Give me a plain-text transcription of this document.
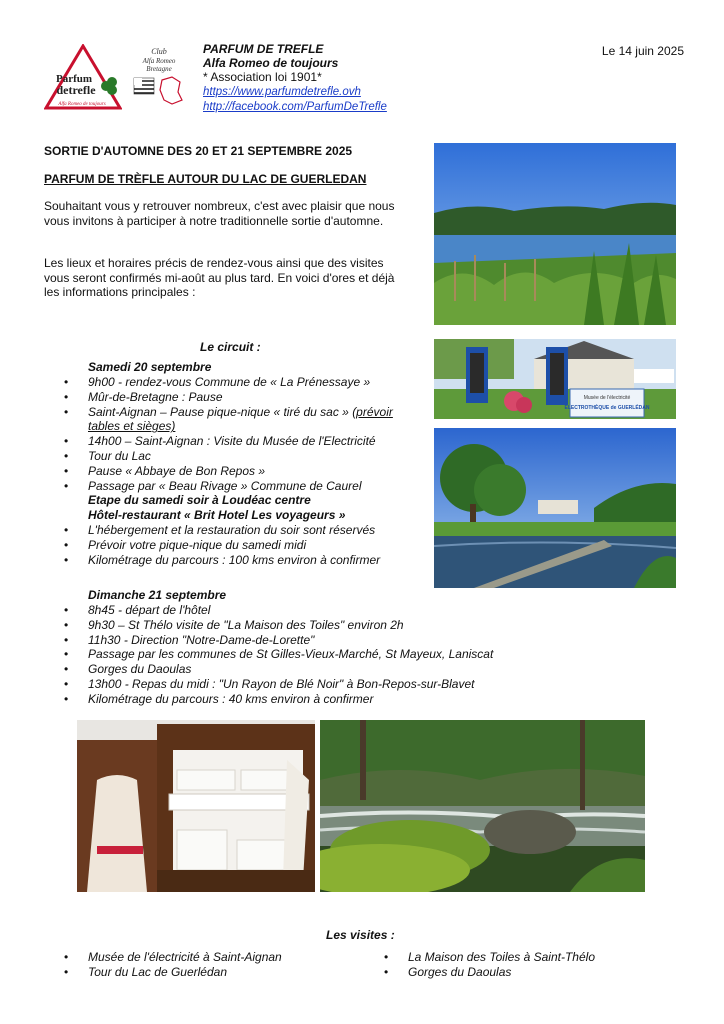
Parfum
detrefle
Alfa Romeo de toujours
Club
Alfa Romeo
Bretagne
PARFUM DE TREFLE
Alfa Romeo de toujours
* Association loi 1901*
https://www.parfumdetrefle.ovh
http://facebook.com/ParfumDeTrefle
Le 14 juin 2025
SORTIE D'AUTOMNE DES 20 ET 21 SEPTEMBRE 2025
PARFUM DE TRÈFLE AUTOUR DU LAC DE GUERLEDAN
Souhaitant vous y retrouver nombreux, c'est avec plaisir que nous vous invitons à participer à notre traditionnelle sortie d'automne.
Les lieux et horaires précis de rendez-vous ainsi que des visites vous seront confirmés mi-août au plus tard. En voici d'ores et déjà les informations principales :
Le circuit :
Samedi 20 septembre
• 9h00 - rendez-vous Commune de « La Prénessaye »
• Mûr-de-Bretagne : Pause
• Saint-Aignan – Pause pique-nique « tiré du sac » (prévoir tables et sièges)
• 14h00 – Saint-Aignan : Visite du Musée de l'Electricité
• Tour du Lac
• Pause « Abbaye de Bon Repos »
• Passage par « Beau Rivage » Commune de Caurel
Etape du samedi soir à Loudéac centre
Hôtel-restaurant « Brit Hotel Les voyageurs »
• L'hébergement et la restauration du soir sont réservés
• Prévoir votre pique-nique du samedi midi
• Kilométrage du parcours : 100 kms environ à confirmer
Dimanche 21 septembre
• 8h45 - départ de l'hôtel
• 9h30 – St Thélo visite de "La Maison des Toiles" environ 2h
• 11h30 - Direction "Notre-Dame-de-Lorette"
• Passage par les communes de St Gilles-Vieux-Marché, St Mayeux, Laniscat
• Gorges du Daoulas
• 13h00 - Repas du midi : "Un Rayon de Blé Noir" à Bon-Repos-sur-Blavet
• Kilométrage du parcours : 40 kms environ à confirmer
Musée de l'électricité
ELECTROTHÈQUE de GUERLÉDAN
Les visites :
• Musée de l'électricité à Saint-Aignan
• Tour du Lac de Guerlédan
• La Maison des Toiles à Saint-Thélo
• Gorges du Daoulas
